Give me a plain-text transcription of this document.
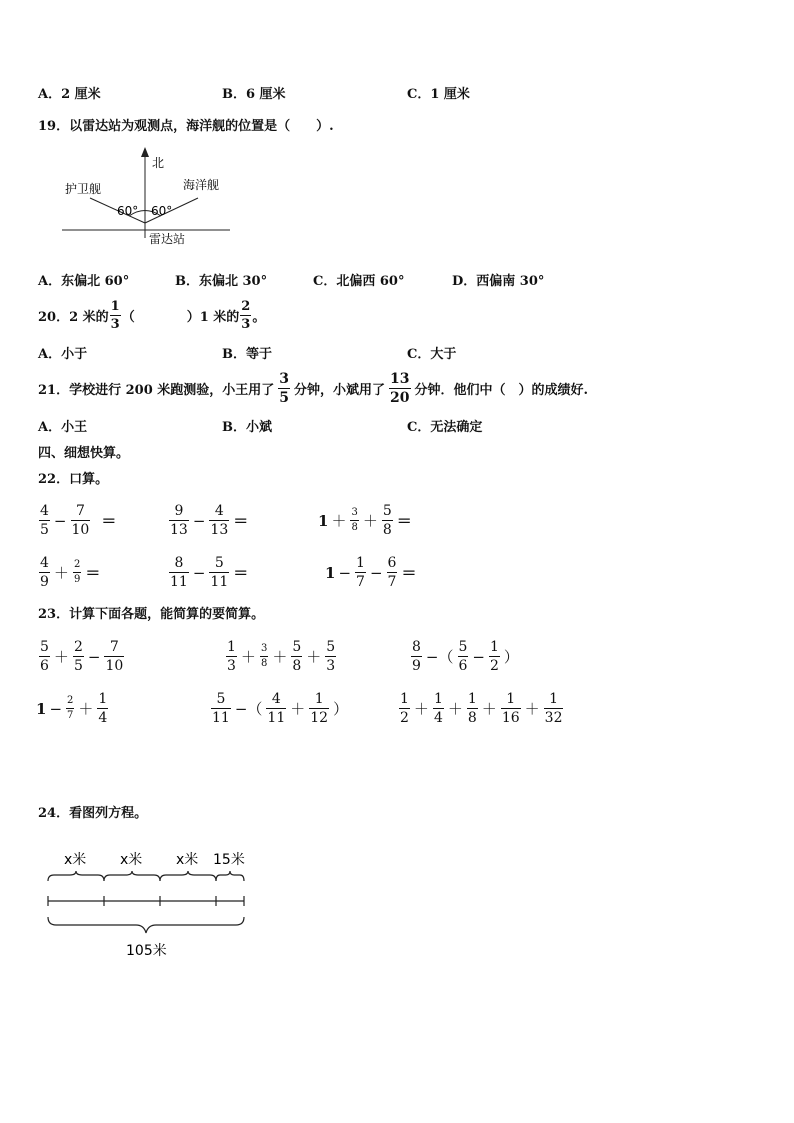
A．2 厘米	B．6 厘米	C．1 厘米
19．以雷达站为观测点，海洋舰的位置是（　　）.
北
护卫舰	海洋舰
60° 60°
雷达站
A．东偏北 60°	B．东偏北 30°	C．北偏西 60°	D．西偏南 30°
20．2 米的 $\frac{1}{3}$ （　　　　）1 米的 $\frac{2}{3}$ 。
A．小于	B．等于	C．大于
21．学校进行 200 米跑测验，小王用了 $\frac{3}{5}$ 分钟，小斌用了 $\frac{13}{20}$ 分钟．他们中（　）的成绩好.
A．小王	B．小斌	C．无法确定
四、细想快算。
22．口算。
$\frac{4}{5} - \frac{7}{10}$ ＝	$\frac{9}{13} - \frac{4}{13}$ ＝	$1 + \frac{3}{8} + \frac{5}{8}$ ＝
$\frac{4}{9} + \frac{2}{9}$ ＝	$\frac{8}{11} - \frac{5}{11}$ ＝	$1 - \frac{1}{7} - \frac{6}{7}$ ＝
23．计算下面各题，能简算的要简算。
$\frac{5}{6} + \frac{2}{5} - \frac{7}{10}$	$\frac{1}{3} + \frac{3}{8} + \frac{5}{8} + \frac{5}{3}$	$\frac{8}{9}$ −（ $\frac{5}{6} - \frac{1}{2}$ ）
$1 - \frac{2}{7} + \frac{1}{4}$	$\frac{5}{11}$ −（ $\frac{4}{11} + \frac{1}{12}$ ）	$\frac{1}{2} + \frac{1}{4} + \frac{1}{8} + \frac{1}{16} + \frac{1}{32}$
24．看图列方程。
x米 x米 x米 15米
105米
